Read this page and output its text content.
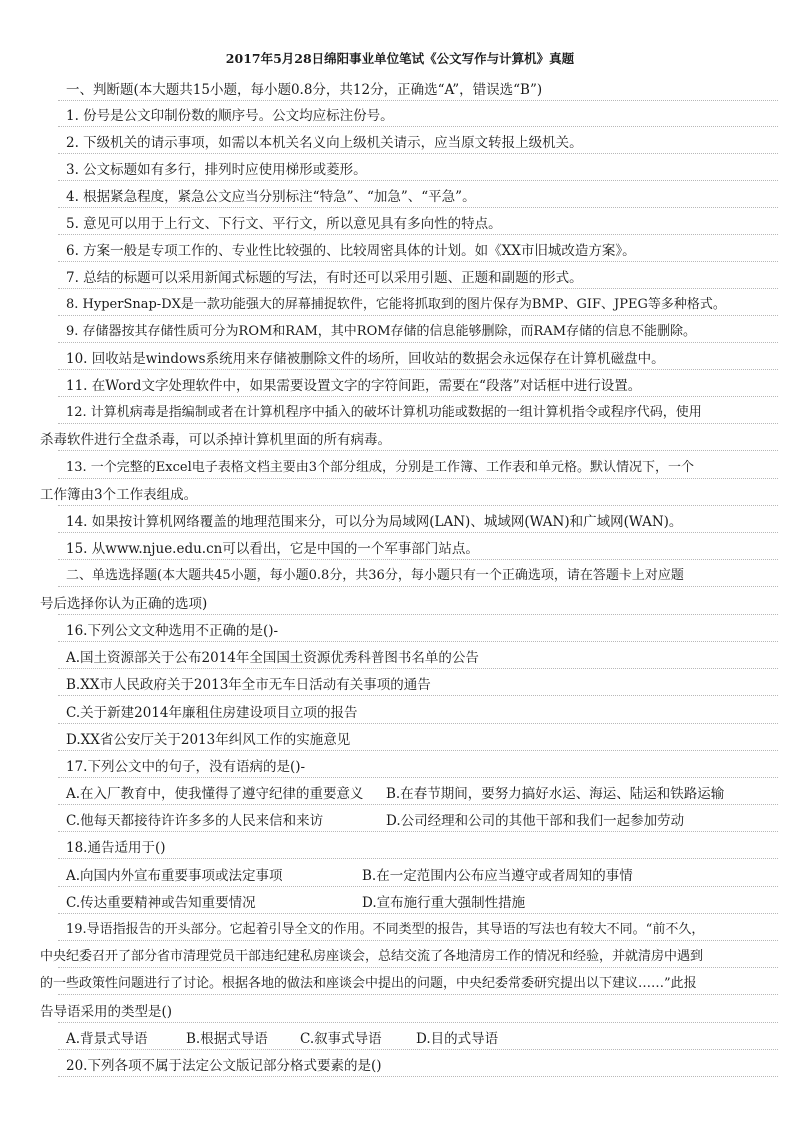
2017年5月28日绵阳事业单位笔试《公文写作与计算机》真题
一、判断题(本大题共15小题，每小题0.8分，共12分，正确选“A”，错误选“B”)
1. 份号是公文印制份数的顺序号。公文均应标注份号。
2. 下级机关的请示事项，如需以本机关名义向上级机关请示，应当原文转报上级机关。
3. 公文标题如有多行，排列时应使用梯形或菱形。
4. 根据紧急程度，紧急公文应当分别标注“特急”、“加急”、“平急”。
5. 意见可以用于上行文、下行文、平行文，所以意见具有多向性的特点。
6. 方案一般是专项工作的、专业性比较强的、比较周密具体的计划。如《XX市旧城改造方案》。
7. 总结的标题可以采用新闻式标题的写法，有时还可以采用引题、正题和副题的形式。
8. HyperSnap-DX是一款功能强大的屏幕捕捉软件，它能将抓取到的图片保存为BMP、GIF、JPEG等多种格式。
9. 存储器按其存储性质可分为ROM和RAM，其中ROM存储的信息能够删除，而RAM存储的信息不能删除。
10. 回收站是windows系统用来存储被删除文件的场所，回收站的数据会永远保存在计算机磁盘中。
11. 在Word文字处理软件中，如果需要设置文字的字符间距，需要在“段落”对话框中进行设置。
12. 计算机病毒是指编制或者在计算机程序中插入的破坏计算机功能或数据的一组计算机指令或程序代码，使用
杀毒软件进行全盘杀毒，可以杀掉计算机里面的所有病毒。
13. 一个完整的Excel电子表格文档主要由3个部分组成，分别是工作簿、工作表和单元格。默认情况下，一个
工作簿由3个工作表组成。
14. 如果按计算机网络覆盖的地理范围来分，可以分为局域网(LAN)、城域网(WAN)和广域网(WAN)。
15. 从www.njue.edu.cn可以看出，它是中国的一个军事部门站点。
二、单选选择题(本大题共45小题，每小题0.8分，共36分，每小题只有一个正确选项，请在答题卡上对应题
号后选择你认为正确的选项)
16.下列公文文种选用不正确的是()-
A.国土资源部关于公布2014年全国国土资源优秀科普图书名单的公告
B.XX市人民政府关于2013年全市无车日活动有关事项的通告
C.关于新建2014年廉租住房建设项目立项的报告
D.XX省公安厅关于2013年纠风工作的实施意见
17.下列公文中的句子，没有语病的是()-
A.在入厂教育中，使我懂得了遵守纪律的重要意义 B.在春节期间，要努力搞好水运、海运、陆运和铁路运输
C.他每天都接待许许多多的人民来信和来访	D.公司经理和公司的其他干部和我们一起参加劳动
18.通告适用于()
A.向国内外宣布重要事项或法定事项	B.在一定范围内公布应当遵守或者周知的事情
C.传达重要精神或告知重要情况	D.宣布施行重大强制性措施
19.导语指报告的开头部分。它起着引导全文的作用。不同类型的报告，其导语的写法也有较大不同。“前不久，
中央纪委召开了部分省市清理党员干部违纪建私房座谈会，总结交流了各地清房工作的情况和经验，并就清房中遇到
的一些政策性问题进行了讨论。根据各地的做法和座谈会中提出的问题，中央纪委常委研究提出以下建议……”此报
告导语采用的类型是()
A.背景式导语	B.根据式导语 C.叙事式导语	D.目的式导语
20.下列各项不属于法定公文版记部分格式要素的是()
